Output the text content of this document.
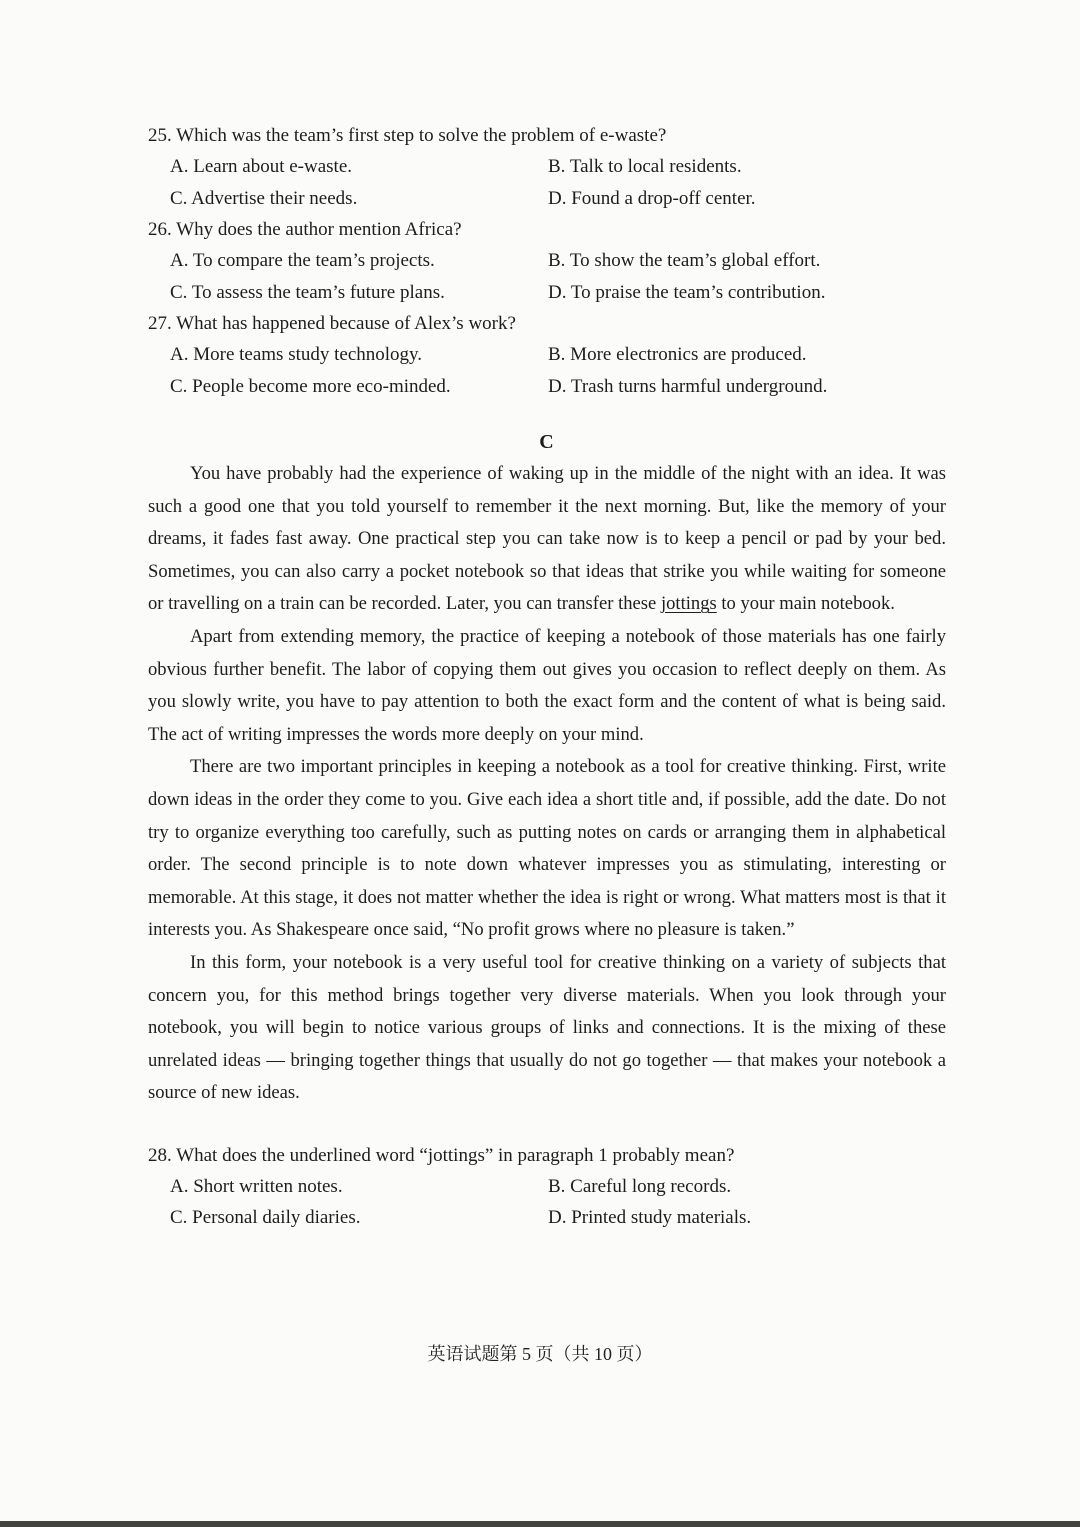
25. Which was the team’s first step to solve the problem of e-waste?
A. Learn about e-waste.	B. Talk to local residents.
C. Advertise their needs.	D. Found a drop-off center.
26. Why does the author mention Africa?
A. To compare the team’s projects.	B. To show the team’s global effort.
C. To assess the team’s future plans.	D. To praise the team’s contribution.
27. What has happened because of Alex’s work?
A. More teams study technology.	B. More electronics are produced.
C. People become more eco-minded.	D. Trash turns harmful underground.
C

You have probably had the experience of waking up in the middle of the night with an idea. It was such a good one that you told yourself to remember it the next morning. But, like the memory of your dreams, it fades fast away. One practical step you can take now is to keep a pencil or pad by your bed. Sometimes, you can also carry a pocket notebook so that ideas that strike you while waiting for someone or travelling on a train can be recorded. Later, you can transfer these jottings to your main notebook.

Apart from extending memory, the practice of keeping a notebook of those materials has one fairly obvious further benefit. The labor of copying them out gives you occasion to reflect deeply on them. As you slowly write, you have to pay attention to both the exact form and the content of what is being said. The act of writing impresses the words more deeply on your mind.

There are two important principles in keeping a notebook as a tool for creative thinking. First, write down ideas in the order they come to you. Give each idea a short title and, if possible, add the date. Do not try to organize everything too carefully, such as putting notes on cards or arranging them in alphabetical order. The second principle is to note down whatever impresses you as stimulating, interesting or memorable. At this stage, it does not matter whether the idea is right or wrong. What matters most is that it interests you. As Shakespeare once said, “No profit grows where no pleasure is taken.”

In this form, your notebook is a very useful tool for creative thinking on a variety of subjects that concern you, for this method brings together very diverse materials. When you look through your notebook, you will begin to notice various groups of links and connections. It is the mixing of these unrelated ideas — bringing together things that usually do not go together — that makes your notebook a source of new ideas.

28. What does the underlined word “jottings” in paragraph 1 probably mean?
A. Short written notes.	B. Careful long records.
C. Personal daily diaries.	D. Printed study materials.
英语试题第 5 页（共 10 页）
